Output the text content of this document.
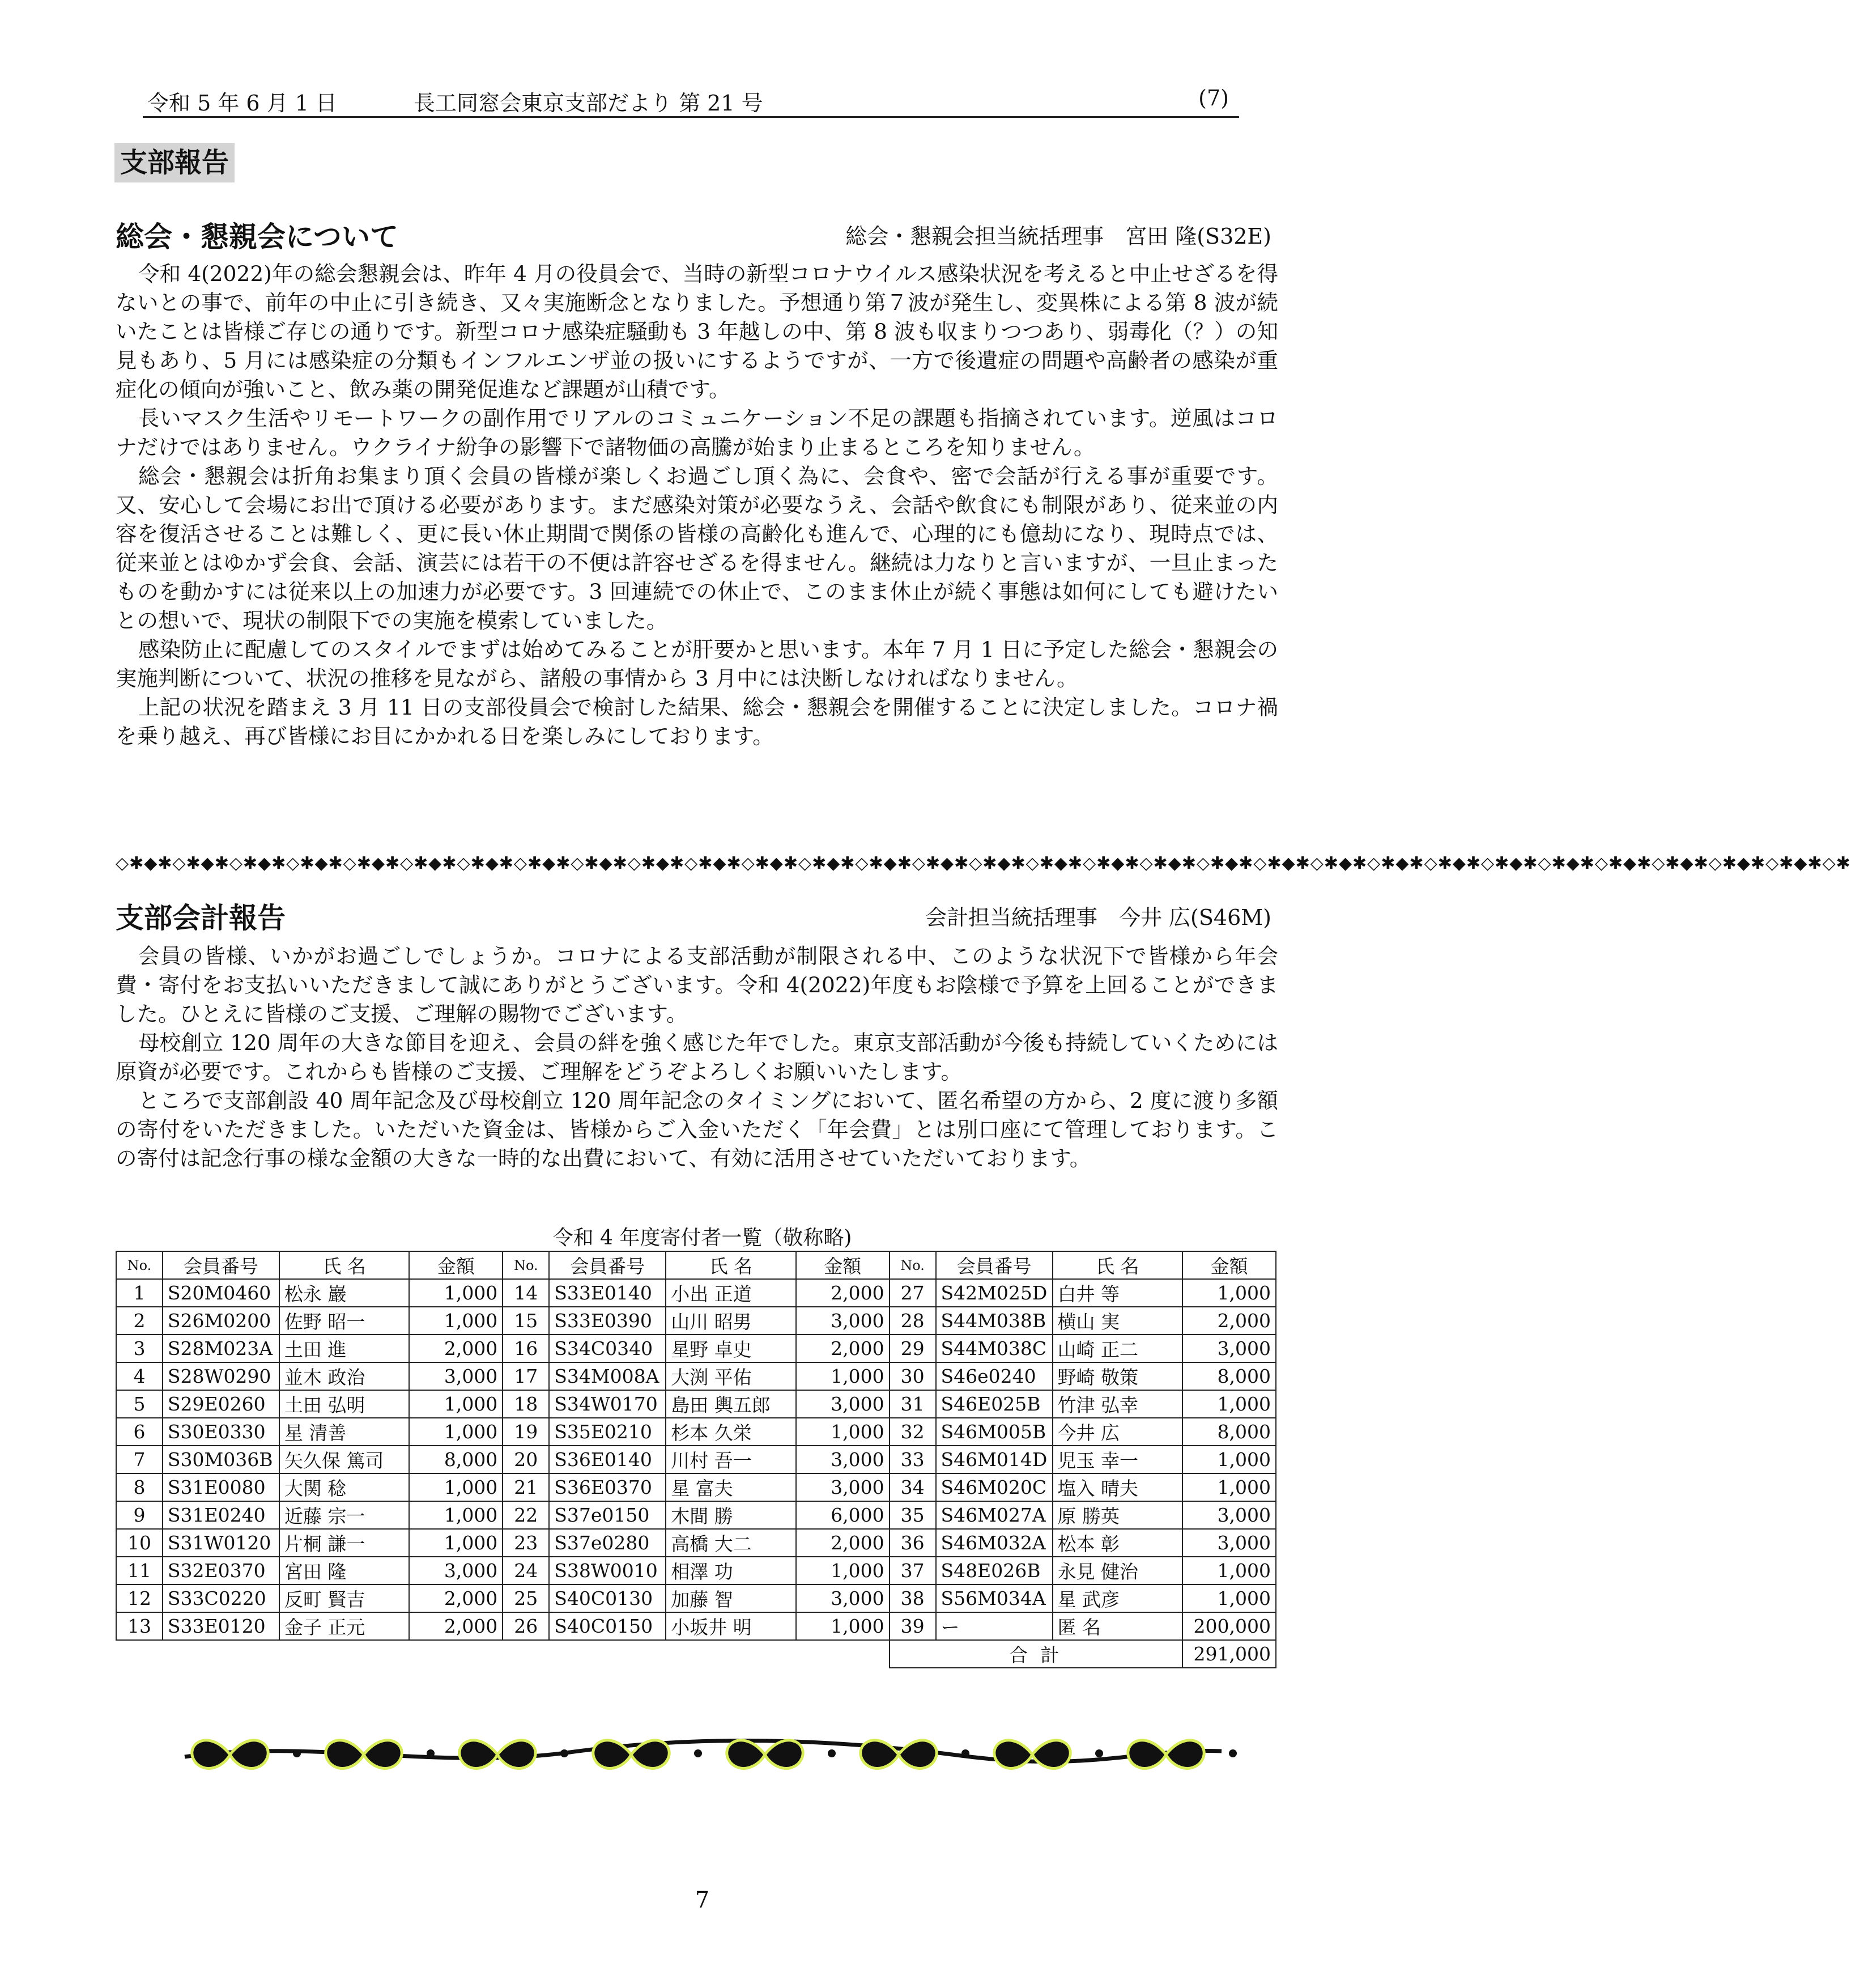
令和 5 年 6 月 1 日	長工同窓会東京支部だより 第 21 号	(7)
支部報告
総会・懇親会について	総会・懇親会担当統括理事　宮田 隆(S32E)

令和 4(2022)年の総会懇親会は、昨年 4 月の役員会で、当時の新型コロナウイルス感染状況を考えると中止せざるを得ないとの事で、前年の中止に引き続き、又々実施断念となりました。予想通り第７波が発生し、変異株による第 8 波が続いたことは皆様ご存じの通りです。新型コロナ感染症騒動も 3 年越しの中、第 8 波も収まりつつあり、弱毒化（？）の知見もあり、5 月には感染症の分類もインフルエンザ並の扱いにするようですが、一方で後遺症の問題や高齢者の感染が重症化の傾向が強いこと、飲み薬の開発促進など課題が山積です。

長いマスク生活やリモートワークの副作用でリアルのコミュニケーション不足の課題も指摘されています。逆風はコロナだけではありません。ウクライナ紛争の影響下で諸物価の高騰が始まり止まるところを知りません。

総会・懇親会は折角お集まり頂く会員の皆様が楽しくお過ごし頂く為に、会食や、密で会話が行える事が重要です。又、安心して会場にお出で頂ける必要があります。まだ感染対策が必要なうえ、会話や飲食にも制限があり、従来並の内容を復活させることは難しく、更に長い休止期間で関係の皆様の高齢化も進んで、心理的にも億劫になり、現時点では、従来並とはゆかず会食、会話、演芸には若干の不便は許容せざるを得ません。継続は力なりと言いますが、一旦止まったものを動かすには従来以上の加速力が必要です。3 回連続での休止で、このまま休止が続く事態は如何にしても避けたいとの想いで、現状の制限下での実施を模索していました。

感染防止に配慮してのスタイルでまずは始めてみることが肝要かと思います。本年 7 月 1 日に予定した総会・懇親会の実施判断について、状況の推移を見ながら、諸般の事情から 3 月中には決断しなければなりません。

上記の状況を踏まえ 3 月 11 日の支部役員会で検討した結果、総会・懇親会を開催することに決定しました。コロナ禍を乗り越え、再び皆様にお目にかかれる日を楽しみにしております。

◇✱◆✱◇✱◆✱◇✱◆✱◇✱◆✱◇✱◆✱◇✱◆✱◇✱◆✱◇✱◆✱◇✱◆✱◇✱◆✱◇✱◆✱◇✱◆✱◇✱◆✱◇✱◆✱◇✱◆✱◇✱◆✱◇✱◆✱◇✱◆✱◇✱◆✱◇✱◆✱◇✱◆✱◇✱◆✱◇✱◆✱◇✱◆✱◇✱◆✱◇✱◆✱◇✱◆✱◇✱◆✱◇✱◆✱◇✱◆✱◇✱
支部会計報告	会計担当統括理事　今井 広(S46M)

会員の皆様、いかがお過ごしでしょうか。コロナによる支部活動が制限される中、このような状況下で皆様から年会費・寄付をお支払いいただきまして誠にありがとうございます。令和 4(2022)年度もお陰様で予算を上回ることができました。ひとえに皆様のご支援、ご理解の賜物でございます。

母校創立 120 周年の大きな節目を迎え、会員の絆を強く感じた年でした。東京支部活動が今後も持続していくためには原資が必要です。これからも皆様のご支援、ご理解をどうぞよろしくお願いいたします。

ところで支部創設 40 周年記念及び母校創立 120 周年記念のタイミングにおいて、匿名希望の方から、2 度に渡り多額の寄付をいただきました。いただいた資金は、皆様からご入金いただく「年会費」とは別口座にて管理しております。この寄付は記念行事の様な金額の大きな一時的な出費において、有効に活用させていただいております。

令和 4 年度寄付者一覧（敬称略)
No.	会員番号	氏 名	金額	No.	会員番号	氏 名	金額	No.	会員番号	氏 名	金額
1	S20M0460	松永 巖	1,000	14	S33E0140	小出 正道	2,000	27	S42M025D	白井 等	1,000
2	S26M0200	佐野 昭一	1,000	15	S33E0390	山川 昭男	3,000	28	S44M038B	横山 実	2,000
3	S28M023A	土田 進	2,000	16	S34C0340	星野 卓史	2,000	29	S44M038C	山崎 正二	3,000
4	S28W0290	並木 政治	3,000	17	S34M008A	大渕 平佑	1,000	30	S46e0240	野崎 敬策	8,000
5	S29E0260	土田 弘明	1,000	18	S34W0170	島田 輿五郎	3,000	31	S46E025B	竹津 弘幸	1,000
6	S30E0330	星 清善	1,000	19	S35E0210	杉本 久栄	1,000	32	S46M005B	今井 広	8,000
7	S30M036B	矢久保 篤司	8,000	20	S36E0140	川村 吾一	3,000	33	S46M014D	児玉 幸一	1,000
8	S31E0080	大関 稔	1,000	21	S36E0370	星 富夫	3,000	34	S46M020C	塩入 晴夫	1,000
9	S31E0240	近藤 宗一	1,000	22	S37e0150	木間 勝	6,000	35	S46M027A	原 勝英	3,000
10	S31W0120	片桐 謙一	1,000	23	S37e0280	高橋 大二	2,000	36	S46M032A	松本 彰	3,000
11	S32E0370	宮田 隆	3,000	24	S38W0010	相澤 功	1,000	37	S48E026B	永見 健治	1,000
12	S33C0220	反町 賢吉	2,000	25	S40C0130	加藤 智	3,000	38	S56M034A	星 武彦	1,000
13	S33E0120	金子 正元	2,000	26	S40C0150	小坂井 明	1,000	39	ー	匿 名	200,000
								合 計			291,000
7
